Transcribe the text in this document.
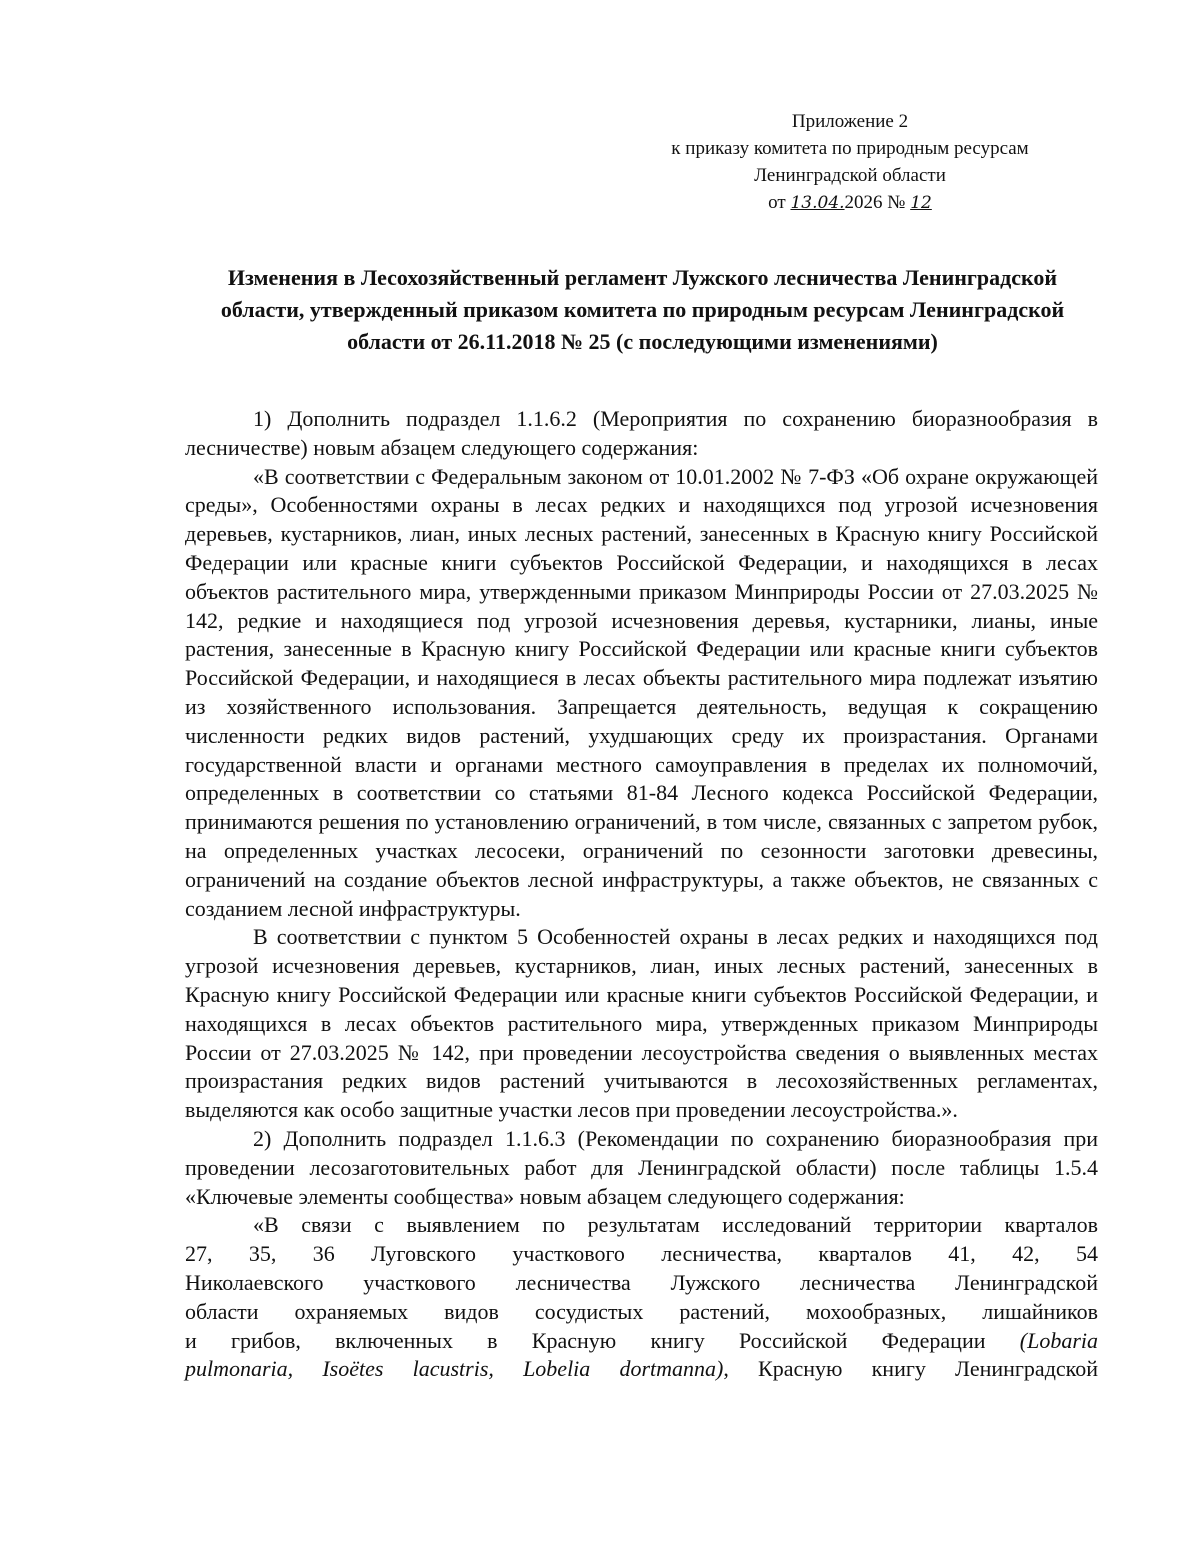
Приложение 2
к приказу комитета по природным ресурсам
Ленинградской области
от 13.04.2026 № 12
Изменения в Лесохозяйственный регламент Лужского лесничества Ленинградской области, утвержденный приказом комитета по природным ресурсам Ленинградской области от 26.11.2018 № 25 (с последующими изменениями)

1) Дополнить подраздел 1.1.6.2 (Мероприятия по сохранению биоразнообразия в лесничестве) новым абзацем следующего содержания:

«В соответствии с Федеральным законом от 10.01.2002 № 7-ФЗ «Об охране окружающей среды», Особенностями охраны в лесах редких и находящихся под угрозой исчезновения деревьев, кустарников, лиан, иных лесных растений, занесенных в Красную книгу Российской Федерации или красные книги субъектов Российской Федерации, и находящихся в лесах объектов растительного мира, утвержденными приказом Минприроды России от 27.03.2025 № 142, редкие и находящиеся под угрозой исчезновения деревья, кустарники, лианы, иные растения, занесенные в Красную книгу Российской Федерации или красные книги субъектов Российской Федерации, и находящиеся в лесах объекты растительного мира подлежат изъятию из хозяйственного использования. Запрещается деятельность, ведущая к сокращению численности редких видов растений, ухудшающих среду их произрастания. Органами государственной власти и органами местного самоуправления в пределах их полномочий, определенных в соответствии со статьями 81-84 Лесного кодекса Российской Федерации, принимаются решения по установлению ограничений, в том числе, связанных с запретом рубок, на определенных участках лесосеки, ограничений по сезонности заготовки древесины, ограничений на создание объектов лесной инфраструктуры, а также объектов, не связанных с созданием лесной инфраструктуры.

В соответствии с пунктом 5 Особенностей охраны в лесах редких и находящихся под угрозой исчезновения деревьев, кустарников, лиан, иных лесных растений, занесенных в Красную книгу Российской Федерации или красные книги субъектов Российской Федерации, и находящихся в лесах объектов растительного мира, утвержденных приказом Минприроды России от 27.03.2025 № 142, при проведении лесоустройства сведения о выявленных местах произрастания редких видов растений учитываются в лесохозяйственных регламентах, выделяются как особо защитные участки лесов при проведении лесоустройства.».

2) Дополнить подраздел 1.1.6.3 (Рекомендации по сохранению биоразнообразия при проведении лесозаготовительных работ для Ленинградской области) после таблицы 1.5.4 «Ключевые элементы сообщества» новым абзацем следующего содержания:

«В связи с выявлением по результатам исследований территории кварталов
27, 35, 36 Луговского участкового лесничества, кварталов 41, 42, 54
Николаевского участкового лесничества Лужского лесничества Ленинградской
области охраняемых видов сосудистых растений, мохообразных, лишайников
и грибов, включенных в Красную книгу Российской Федерации (Lobaria
pulmonaria, Isoëtes lacustris, Lobelia dortmanna), Красную книгу Ленинградской
